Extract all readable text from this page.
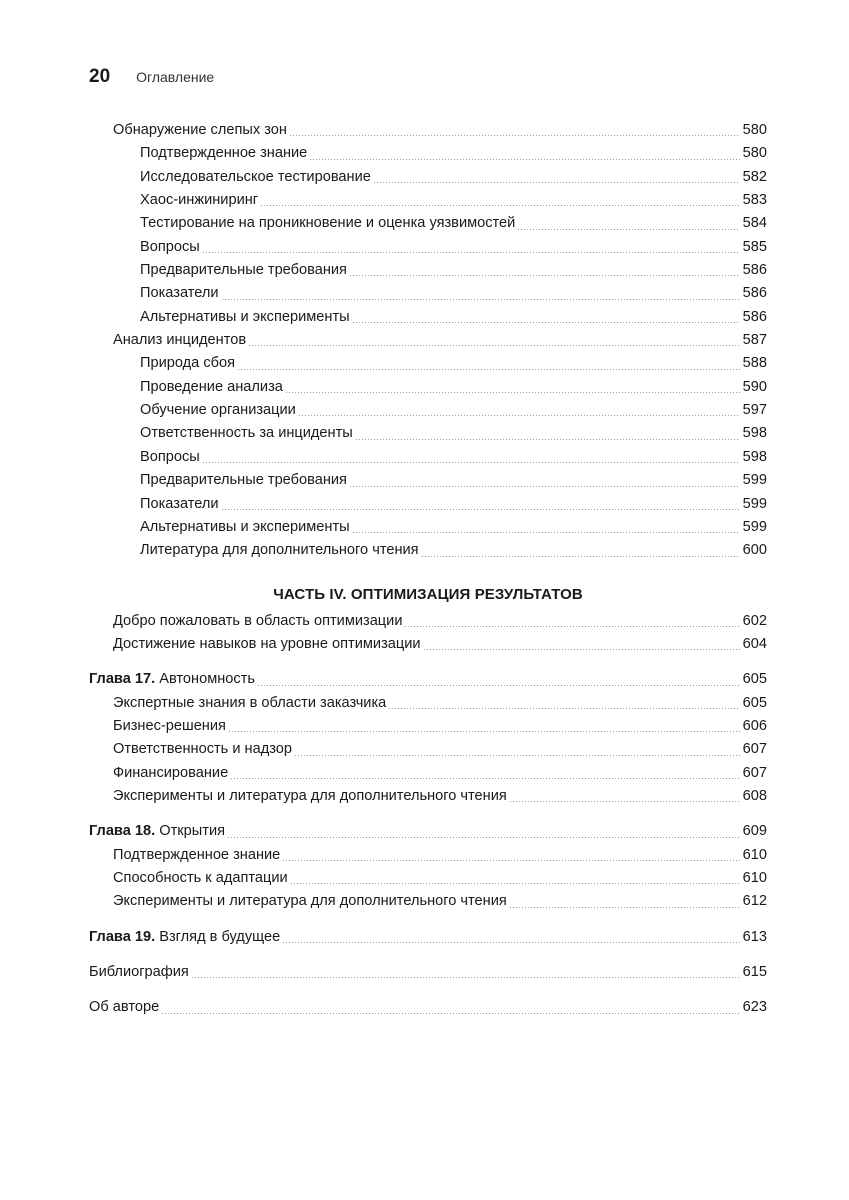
20 Оглавление
Обнаружение слепых зон	580
Подтвержденное знание	580
Исследовательское тестирование	582
Хаос-инжиниринг	583
Тестирование на проникновение и оценка уязвимостей	584
Вопросы	585
Предварительные требования	586
Показатели	586
Альтернативы и эксперименты	586
Анализ инцидентов	587
Природа сбоя	588
Проведение анализа	590
Обучение организации	597
Ответственность за инциденты	598
Вопросы	598
Предварительные требования	599
Показатели	599
Альтернативы и эксперименты	599
Литература для дополнительного чтения	600
ЧАСТЬ IV. ОПТИМИЗАЦИЯ РЕЗУЛЬТАТОВ
Добро пожаловать в область оптимизации	602
Достижение навыков на уровне оптимизации	604
Глава 17. Автономность	605
Экспертные знания в области заказчика	605
Бизнес-решения	606
Ответственность и надзор	607
Финансирование	607
Эксперименты и литература для дополнительного чтения	608
Глава 18. Открытия	609
Подтвержденное знание	610
Способность к адаптации	610
Эксперименты и литература для дополнительного чтения	612
Глава 19. Взгляд в будущее	613
Библиография	615
Об авторе	623
